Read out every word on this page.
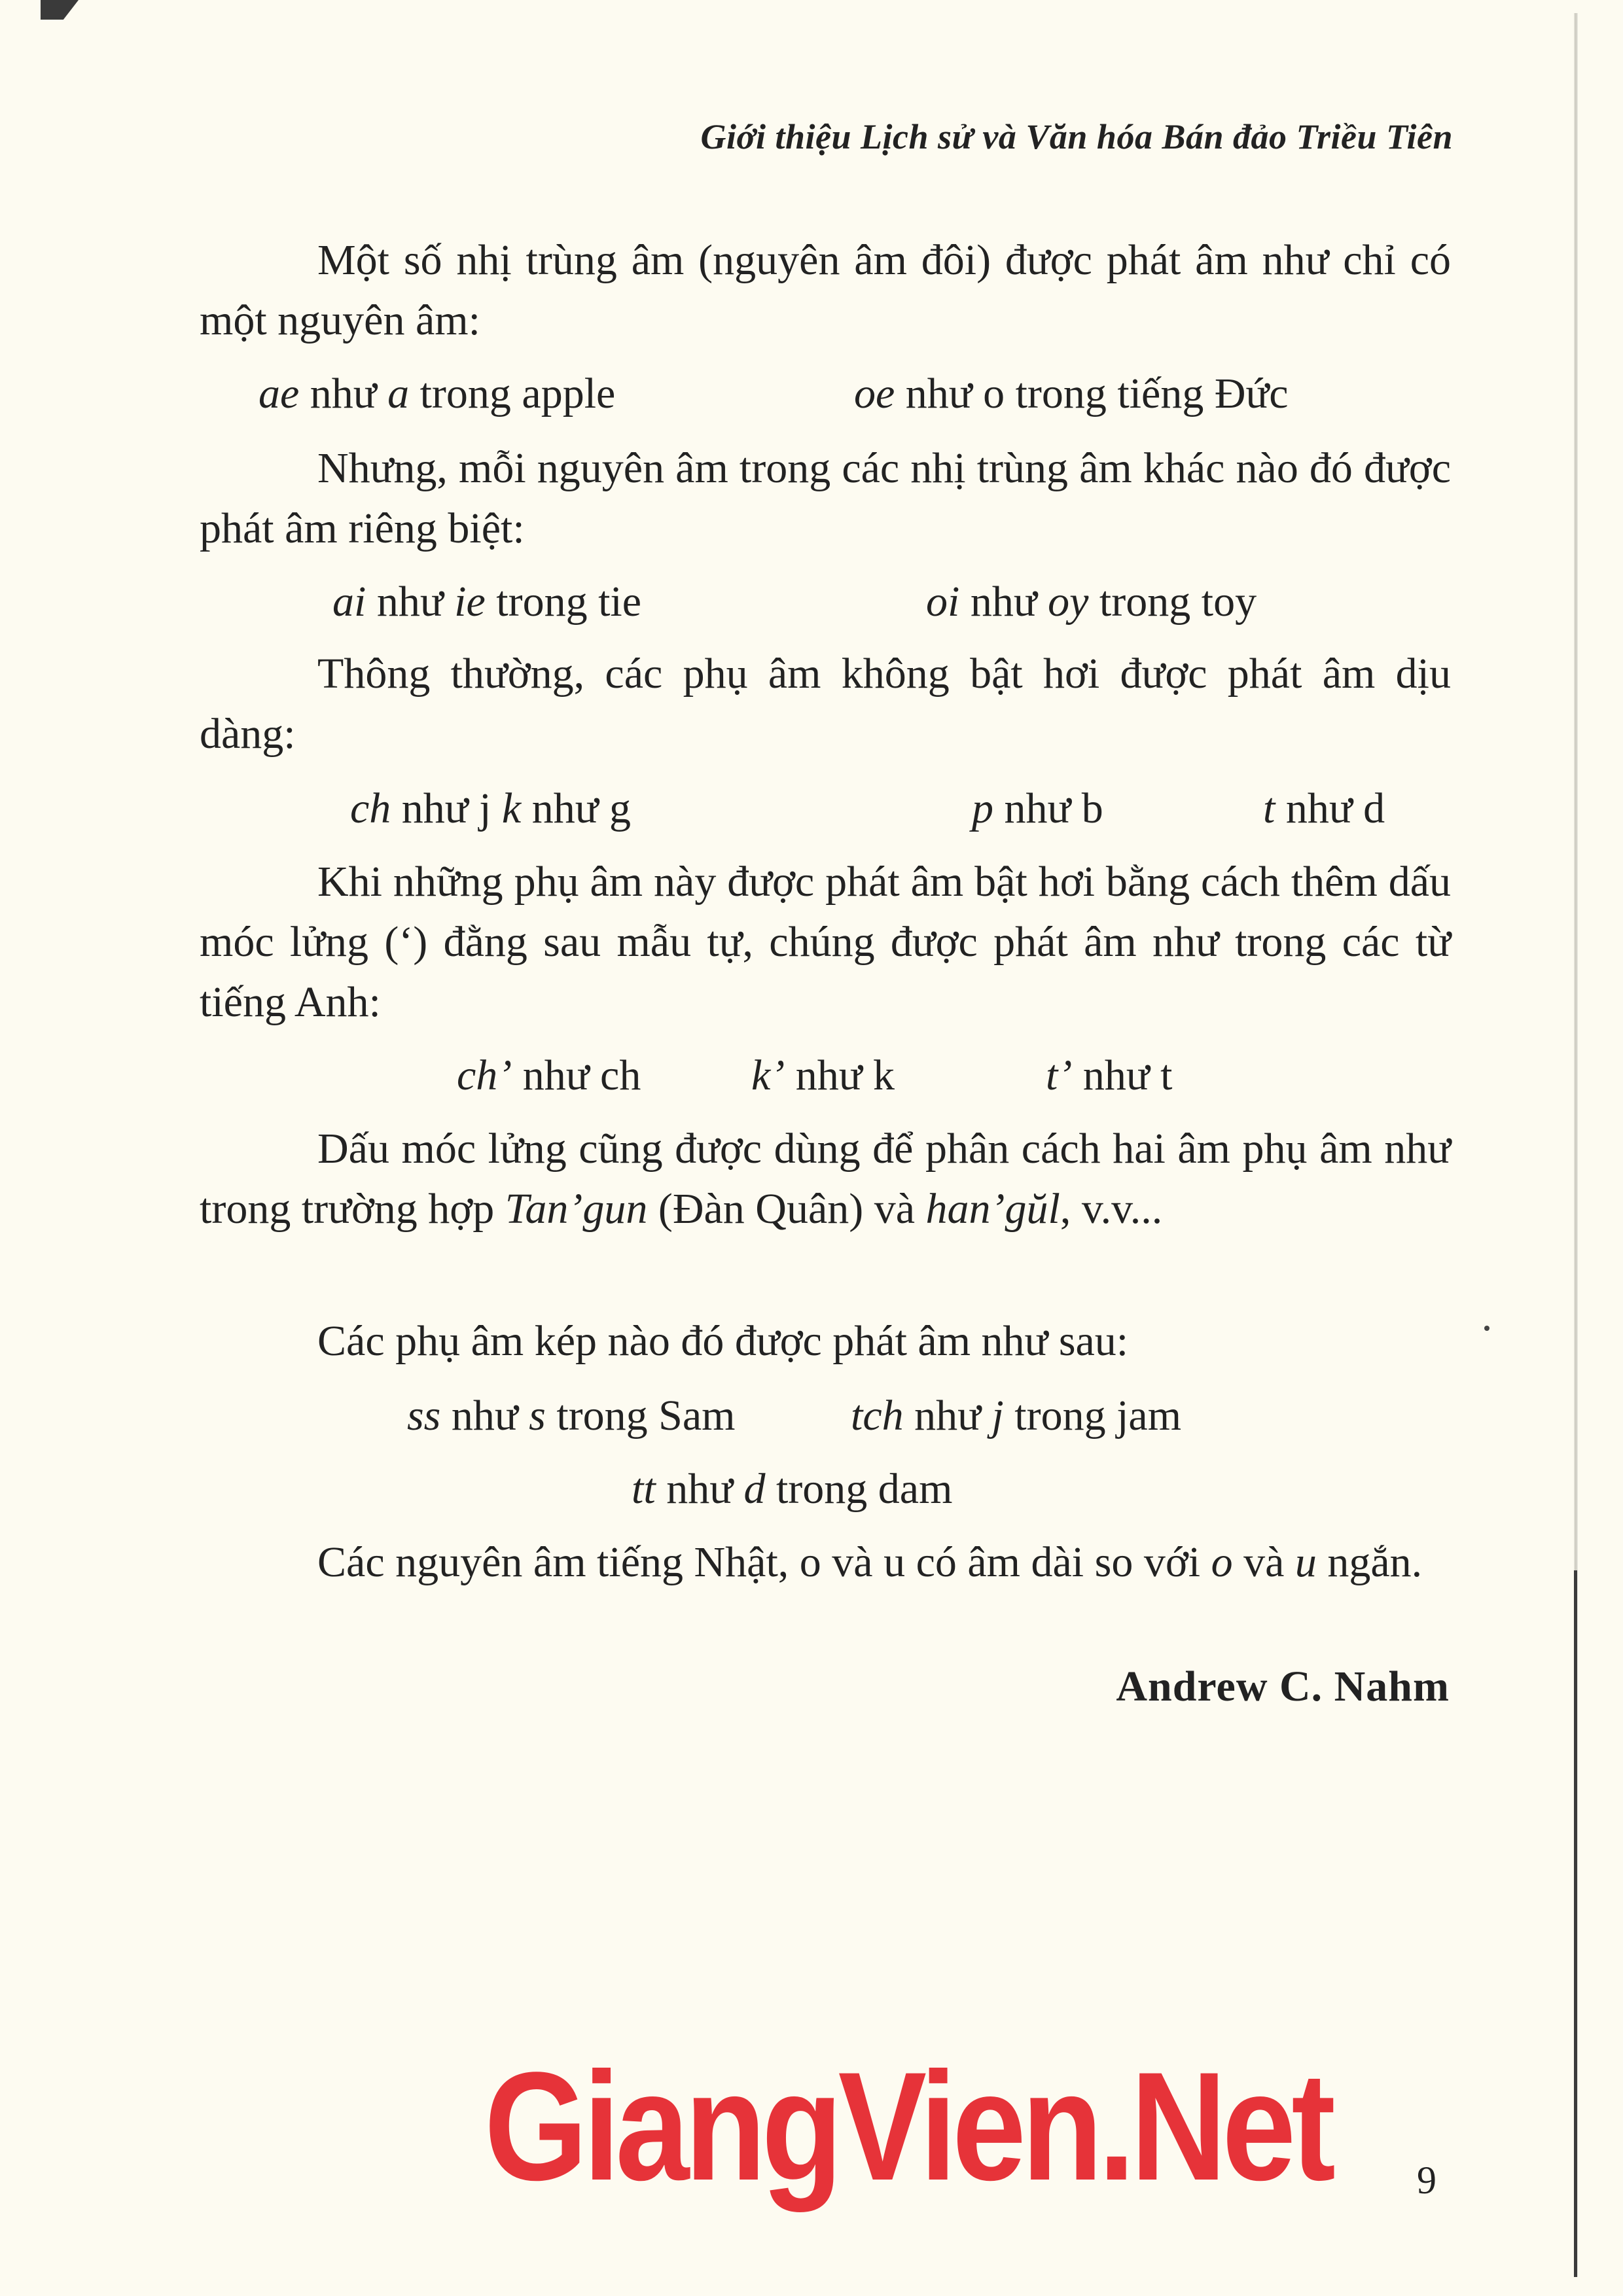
Giới thiệu Lịch sử và Văn hóa Bán đảo Triều Tiên
Một số nhị trùng âm (nguyên âm đôi) được phát âm như chỉ có một nguyên âm:
ae như a trong apple	oe như o trong tiếng Đức
Nhưng, mỗi nguyên âm trong các nhị trùng âm khác nào đó được phát âm riêng biệt:
ai như ie trong tie	oi như oy trong toy
Thông thường, các phụ âm không bật hơi được phát âm dịu dàng:
ch như j k như g	p như b	t như d
Khi những phụ âm này được phát âm bật hơi bằng cách thêm dấu móc lửng (‘) đằng sau mẫu tự, chúng được phát âm như trong các từ tiếng Anh:
ch’ như ch	k’ như k	t’ như t
Dấu móc lửng cũng được dùng để phân cách hai âm phụ âm như trong trường hợp Tan’gun (Đàn Quân) và han’gŭl, v.v...
Các phụ âm kép nào đó được phát âm như sau:
ss như s trong Sam	tch như j trong jam
tt như d trong dam
Các nguyên âm tiếng Nhật, o và u có âm dài so với o và u ngắn.
Andrew C. Nahm
GiangVien.Net 9
